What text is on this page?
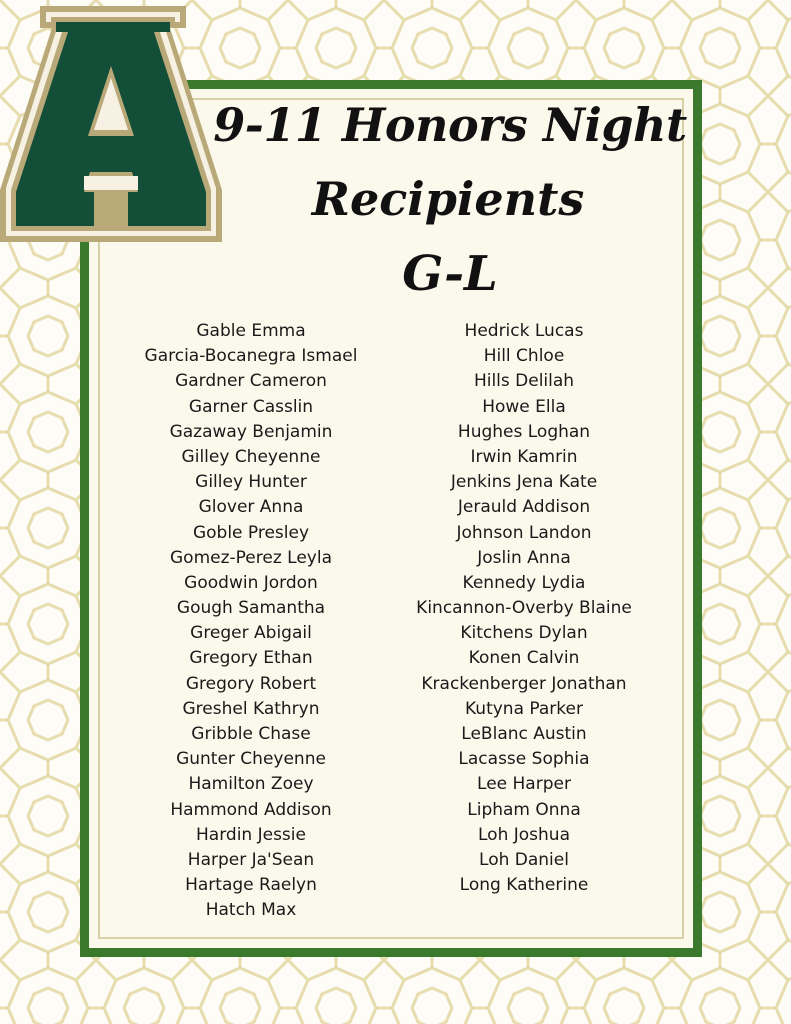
9-11 Honors Night
Recipients
G-L
Gable Emma
Garcia-Bocanegra Ismael
Gardner Cameron
Garner Casslin
Gazaway Benjamin
Gilley Cheyenne
Gilley Hunter
Glover Anna
Goble Presley
Gomez-Perez Leyla
Goodwin Jordon
Gough Samantha
Greger Abigail
Gregory Ethan
Gregory Robert
Greshel Kathryn
Gribble Chase
Gunter Cheyenne
Hamilton Zoey
Hammond Addison
Hardin Jessie
Harper Ja'Sean
Hartage Raelyn
Hatch Max
Hedrick Lucas
Hill Chloe
Hills Delilah
Howe Ella
Hughes Loghan
Irwin Kamrin
Jenkins Jena Kate
Jerauld Addison
Johnson Landon
Joslin Anna
Kennedy Lydia
Kincannon-Overby Blaine
Kitchens Dylan
Konen Calvin
Krackenberger Jonathan
Kutyna Parker
LeBlanc Austin
Lacasse Sophia
Lee Harper
Lipham Onna
Loh Joshua
Loh Daniel
Long Katherine
